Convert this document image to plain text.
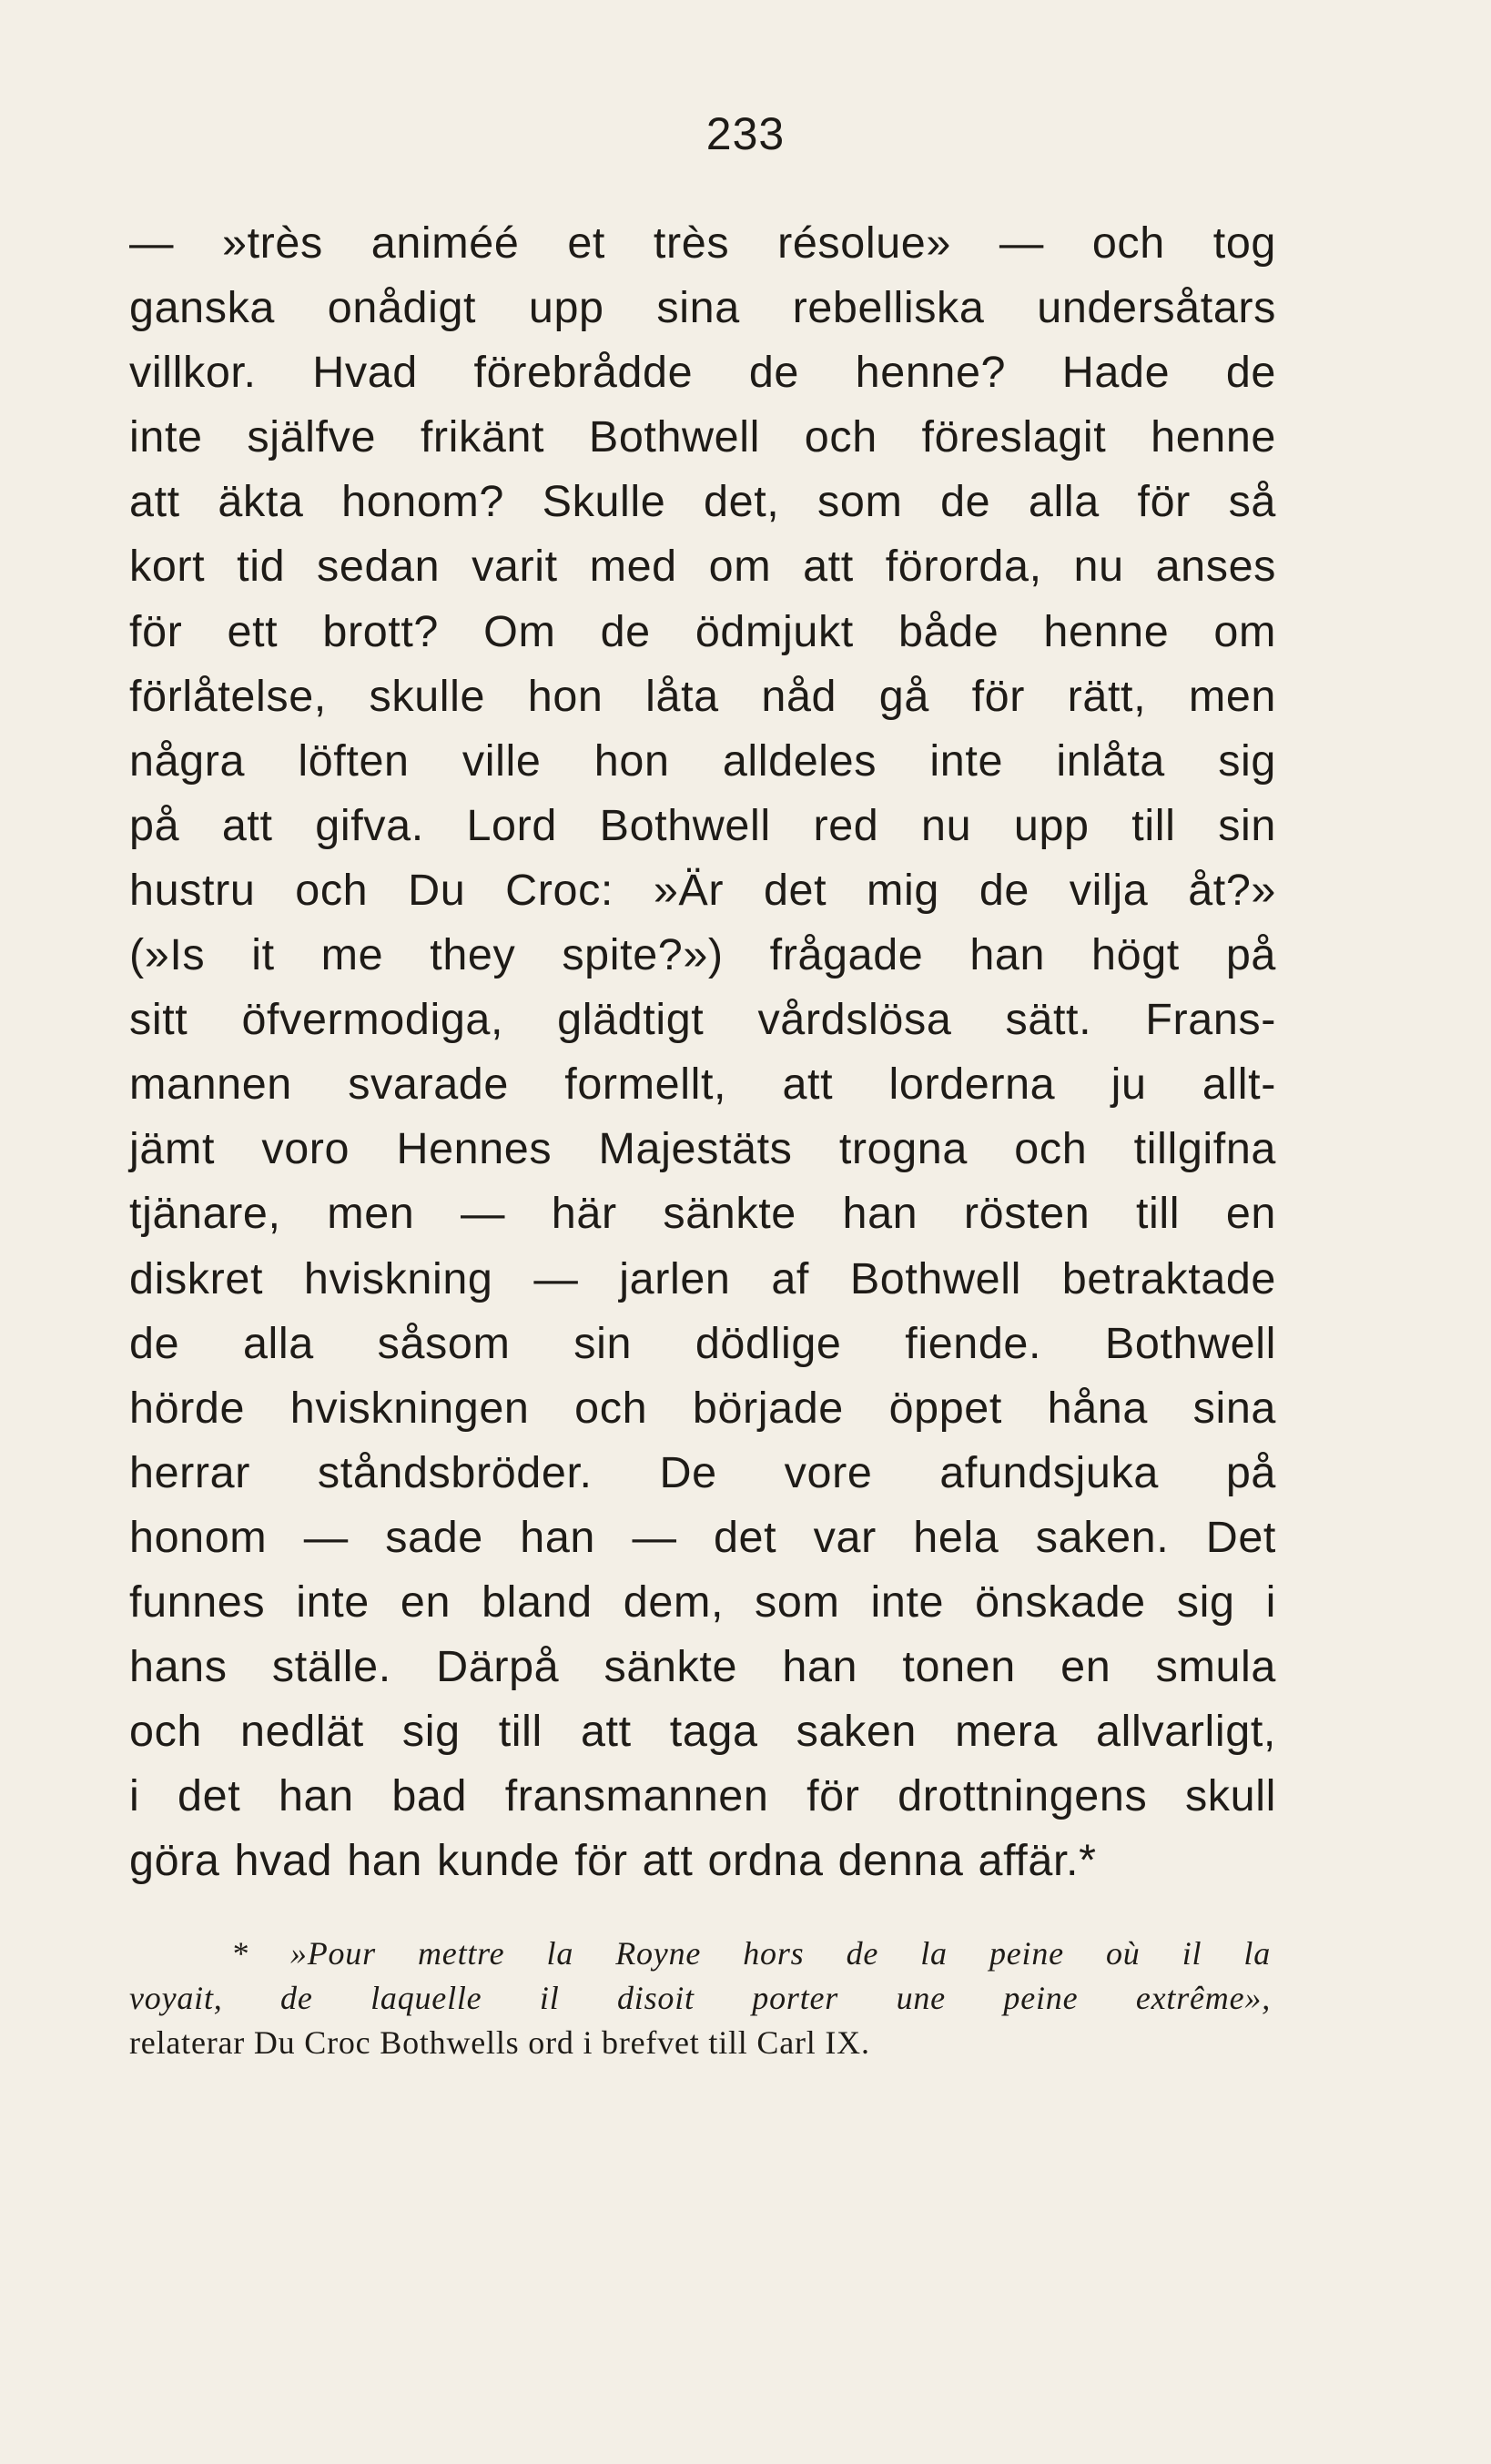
233
— »très animéé et très résolue» — och tog
ganska onådigt upp sina rebelliska undersåtars
villkor. Hvad förebrådde de henne? Hade de
inte själfve frikänt Bothwell och föreslagit henne
att äkta honom? Skulle det, som de alla för så
kort tid sedan varit med om att förorda, nu anses
för ett brott? Om de ödmjukt både henne om
förlåtelse, skulle hon låta nåd gå för rätt, men
några löften ville hon alldeles inte inlåta sig
på att gifva. Lord Bothwell red nu upp till sin
hustru och Du Croc: »Är det mig de vilja åt?»
(»Is it me they spite?») frågade han högt på
sitt öfvermodiga, glädtigt vårdslösa sätt. Frans-
mannen svarade formellt, att lorderna ju allt-
jämt voro Hennes Majestäts trogna och tillgifna
tjänare, men — här sänkte han rösten till en
diskret hviskning — jarlen af Bothwell betraktade
de alla såsom sin dödlige fiende. Bothwell
hörde hviskningen och började öppet håna sina
herrar ståndsbröder. De vore afundsjuka på
honom — sade han — det var hela saken. Det
funnes inte en bland dem, som inte önskade sig i
hans ställe. Därpå sänkte han tonen en smula
och nedlät sig till att taga saken mera allvarligt,
i det han bad fransmannen för drottningens skull
göra hvad han kunde för att ordna denna affär.*
* »Pour mettre la Royne hors de la peine où il la
voyait, de laquelle il disoit porter une peine extrême»,
relaterar Du Croc Bothwells ord i brefvet till Carl IX.
